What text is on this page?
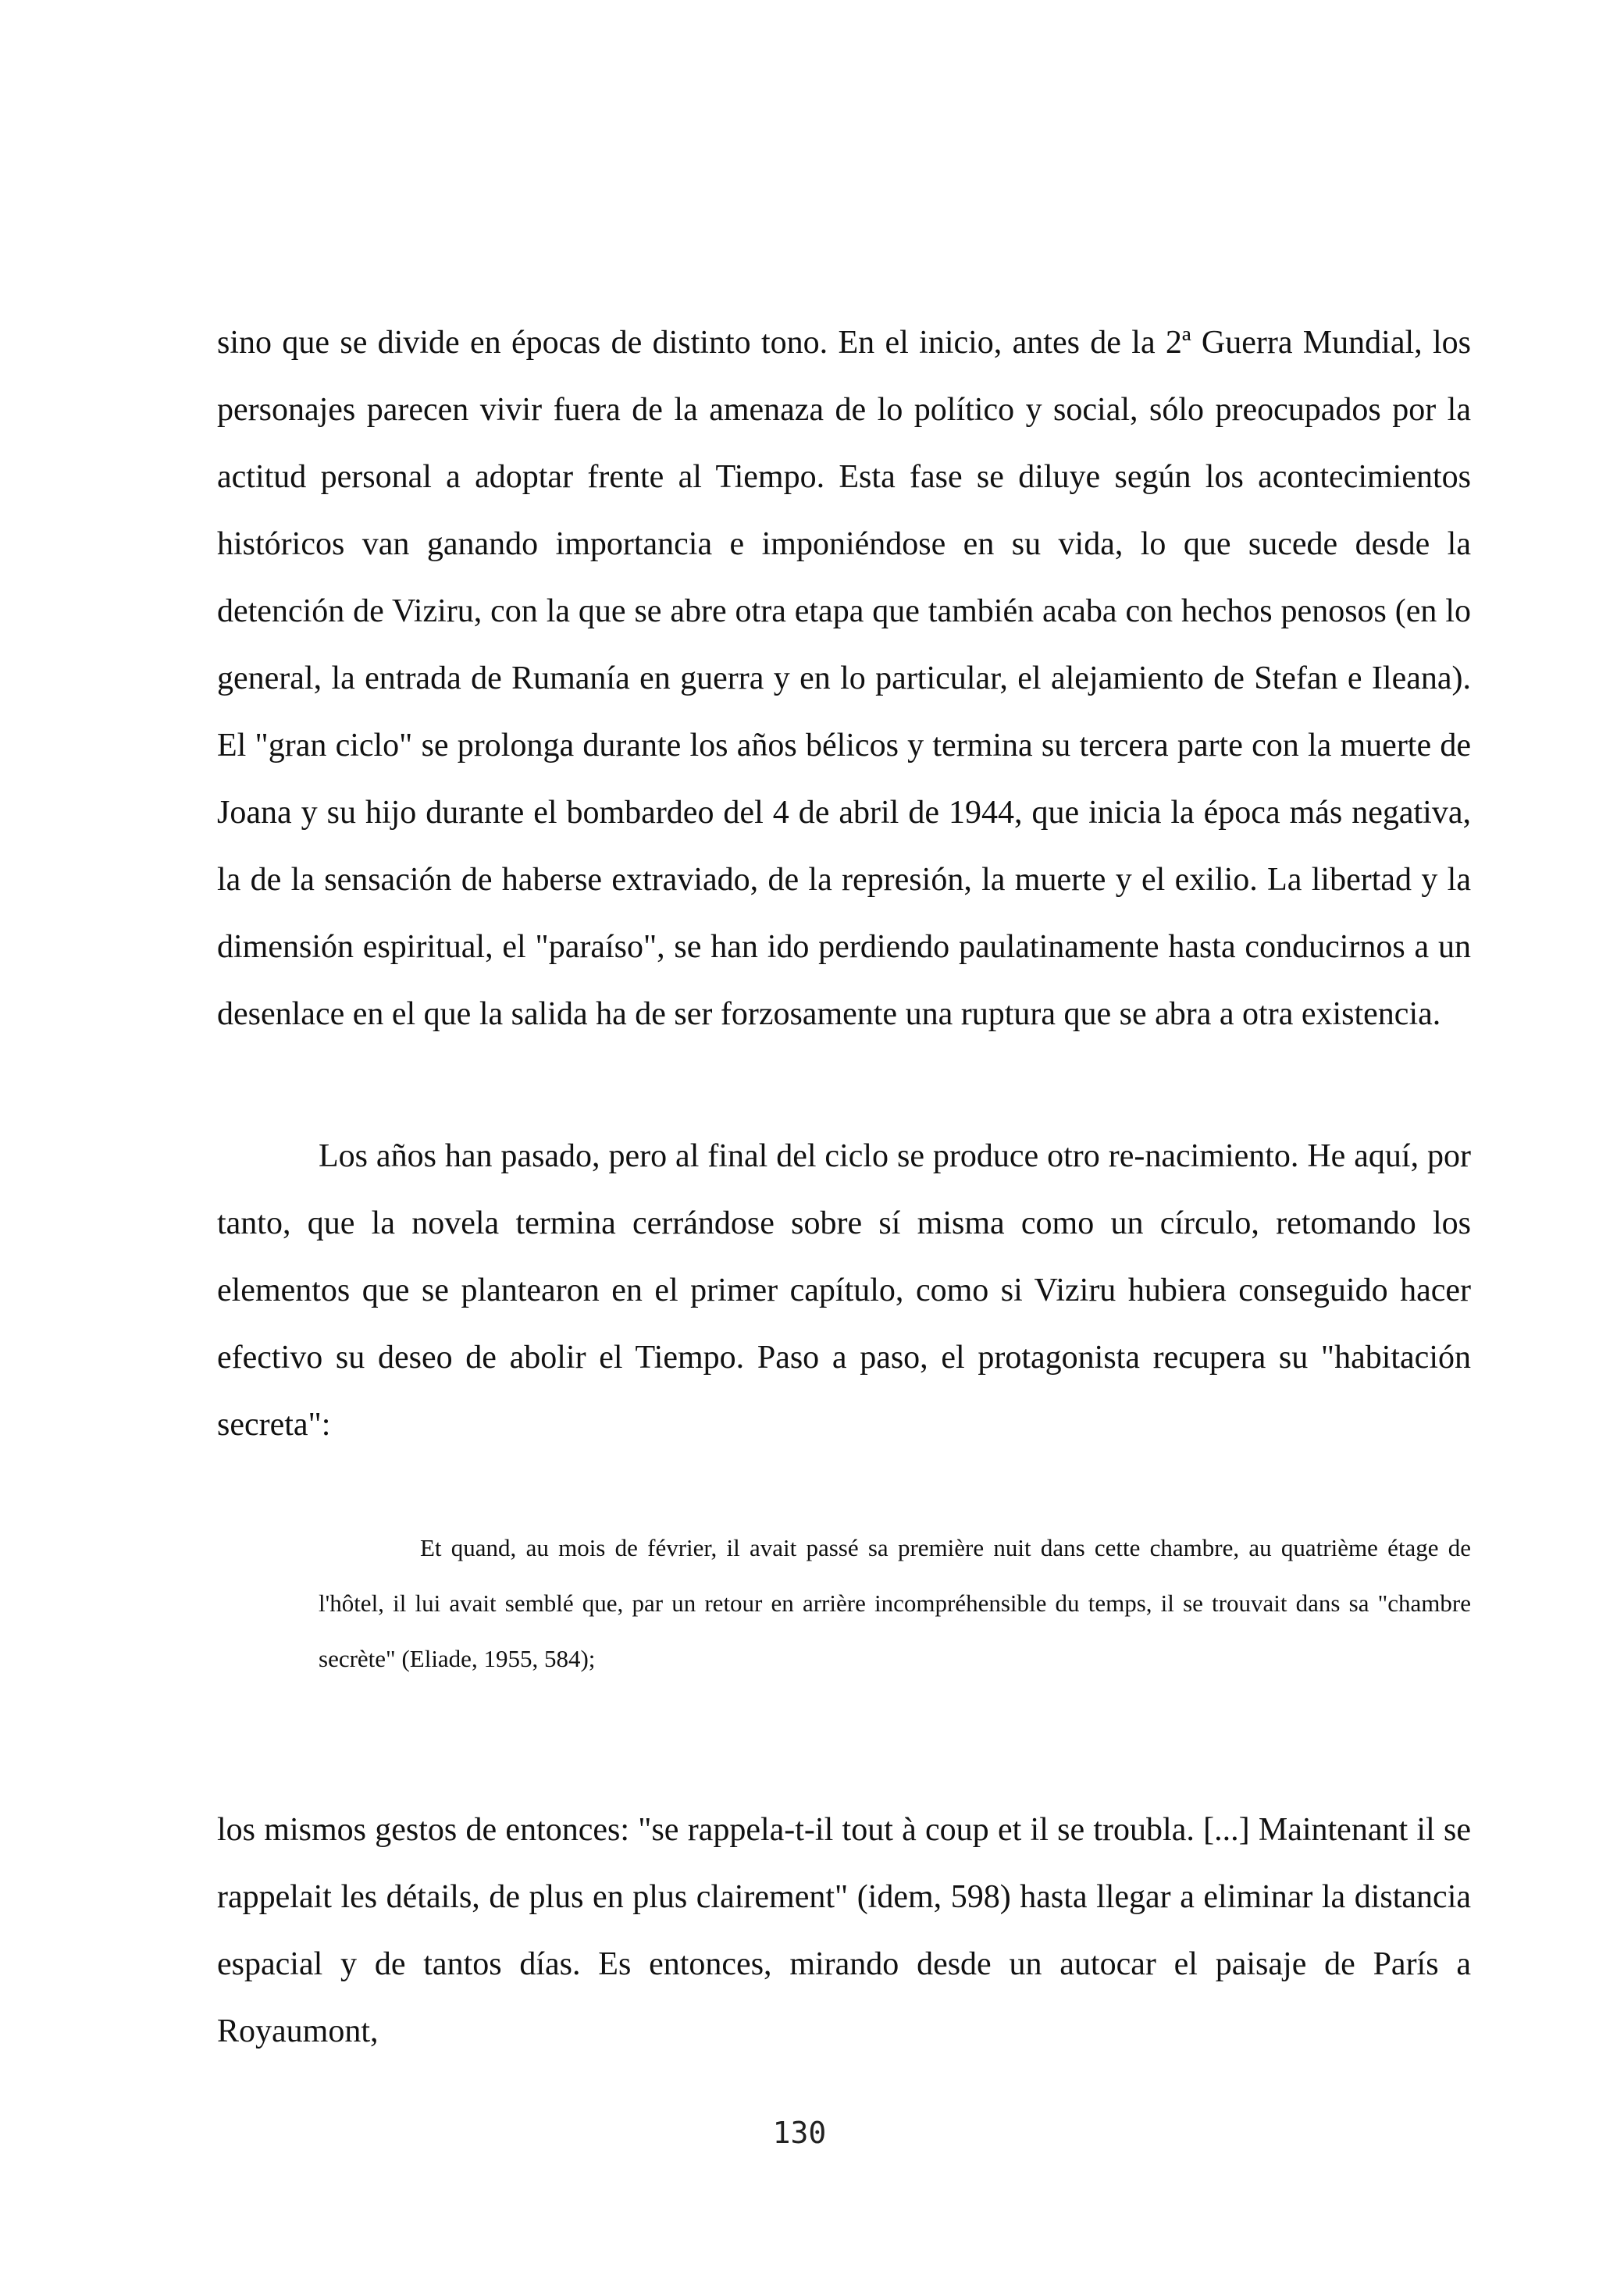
sino que se divide en épocas de distinto tono. En el inicio, antes de la 2ª Guerra Mundial, los personajes parecen vivir fuera de la amenaza de lo político y social, sólo preocupados por la actitud personal a adoptar frente al Tiempo. Esta fase se diluye según los acontecimientos históricos van ganando importancia e imponiéndose en su vida, lo que sucede desde la detención de Viziru, con la que se abre otra etapa que también acaba con hechos penosos (en lo general, la entrada de Rumanía en guerra y en lo particular, el alejamiento de Stefan e Ileana). El "gran ciclo" se prolonga durante los años bélicos y termina su tercera parte con la muerte de Joana y su hijo durante el bombardeo del 4 de abril de 1944, que inicia la época más negativa, la de la sensación de haberse extraviado, de la represión, la muerte y el exilio. La libertad y la dimensión espiritual, el "paraíso", se han ido perdiendo paulatinamente hasta conducirnos a un desenlace en el que la salida ha de ser forzosamente una ruptura que se abra a otra existencia.

Los años han pasado, pero al final del ciclo se produce otro re-nacimiento. He aquí, por tanto, que la novela termina cerrándose sobre sí misma como un círculo, retomando los elementos que se plantearon en el primer capítulo, como si Viziru hubiera conseguido hacer efectivo su deseo de abolir el Tiempo. Paso a paso, el protagonista recupera su "habitación secreta":

Et quand, au mois de février, il avait passé sa première nuit dans cette chambre, au quatrième étage de l'hôtel, il lui avait semblé que, par un retour en arrière incompréhensible du temps, il se trouvait dans sa "chambre secrète" (Eliade, 1955, 584);

los mismos gestos de entonces: "se rappela-t-il tout à coup et il se troubla. [...] Maintenant il se rappelait les détails, de plus en plus clairement" (idem, 598) hasta llegar a eliminar la distancia espacial y de tantos días. Es entonces, mirando desde un autocar el paisaje de París a Royaumont,

130
